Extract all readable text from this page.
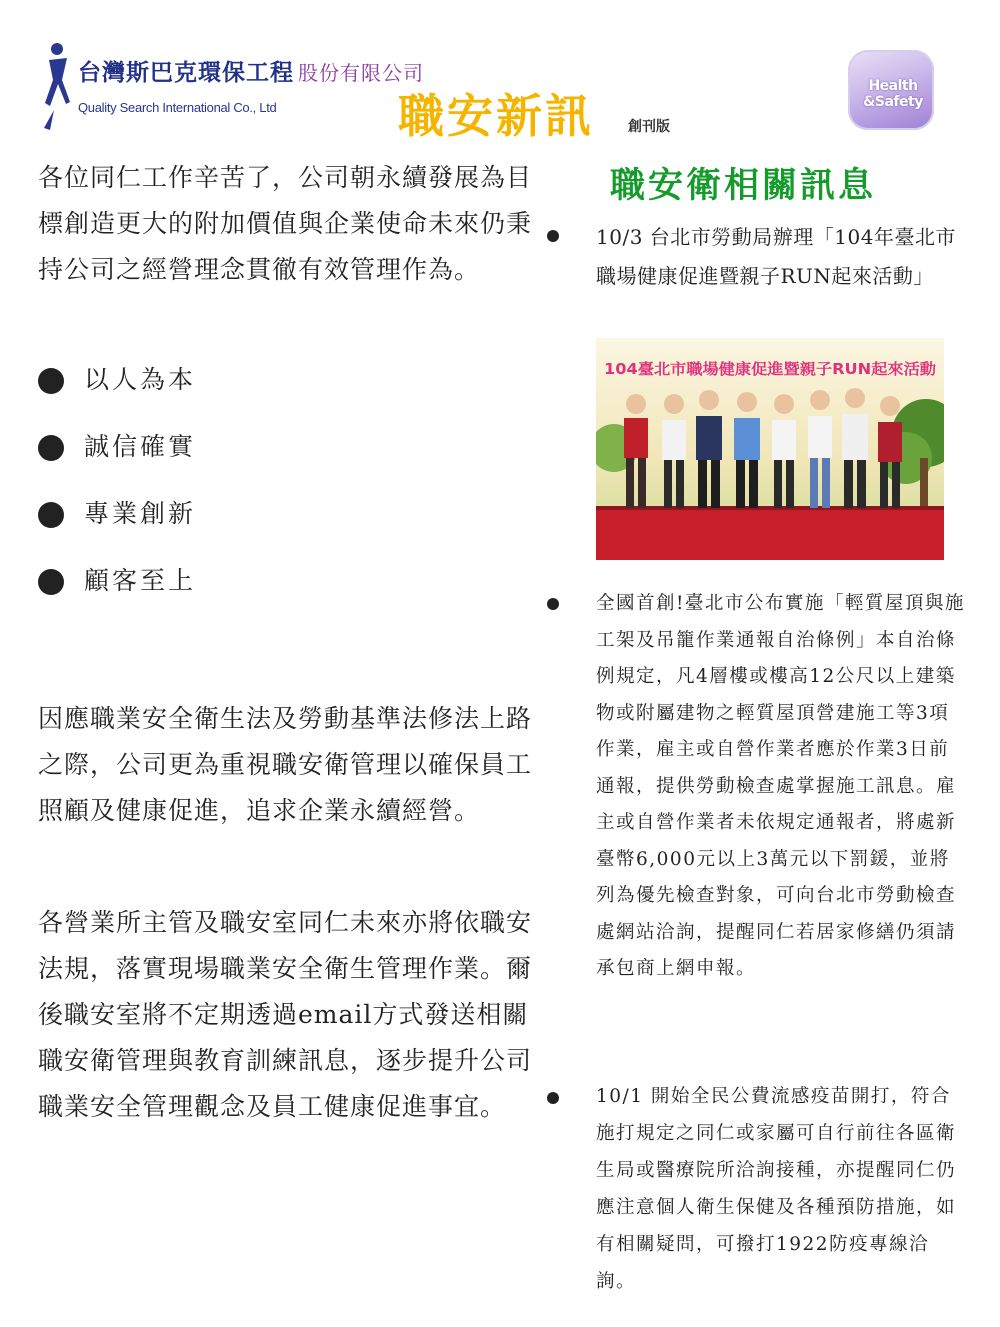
台灣斯巴克環保工程 股份有限公司
Quality Search International Co., Ltd	職安新訊 創刊版
Health
&Safety

各位同仁工作辛苦了，公司朝永續發展為目標創造更大的附加價值與企業使命未來仍秉持公司之經營理念貫徹有效管理作為。

以人為本
誠信確實
專業創新
顧客至上

因應職業安全衛生法及勞動基準法修法上路之際，公司更為重視職安衛管理以確保員工照顧及健康促進，追求企業永續經營。

各營業所主管及職安室同仁未來亦將依職安法規，落實現場職業安全衛生管理作業。爾後職安室將不定期透過email方式發送相關職安衛管理與教育訓練訊息，逐步提升公司職業安全管理觀念及員工健康促進事宜。

職安衛相關訊息

10/3 台北市勞動局辦理「104年臺北市職場健康促進暨親子RUN起來活動」

104臺北市職場健康促進暨親子RUN起來活動

全國首創!臺北市公布實施「輕質屋頂與施工架及吊籠作業通報自治條例」本自治條例規定，凡4層樓或樓高12公尺以上建築物或附屬建物之輕質屋頂營建施工等3項作業，雇主或自營作業者應於作業3日前通報，提供勞動檢查處掌握施工訊息。雇主或自營作業者未依規定通報者，將處新臺幣6,000元以上3萬元以下罰鍰，並將列為優先檢查對象，可向台北市勞動檢查處網站洽詢，提醒同仁若居家修繕仍須請承包商上網申報。

10/1 開始全民公費流感疫苗開打，符合施打規定之同仁或家屬可自行前往各區衛生局或醫療院所洽詢接種，亦提醒同仁仍應注意個人衛生保健及各種預防措施，如有相關疑問，可撥打1922防疫專線洽詢。
